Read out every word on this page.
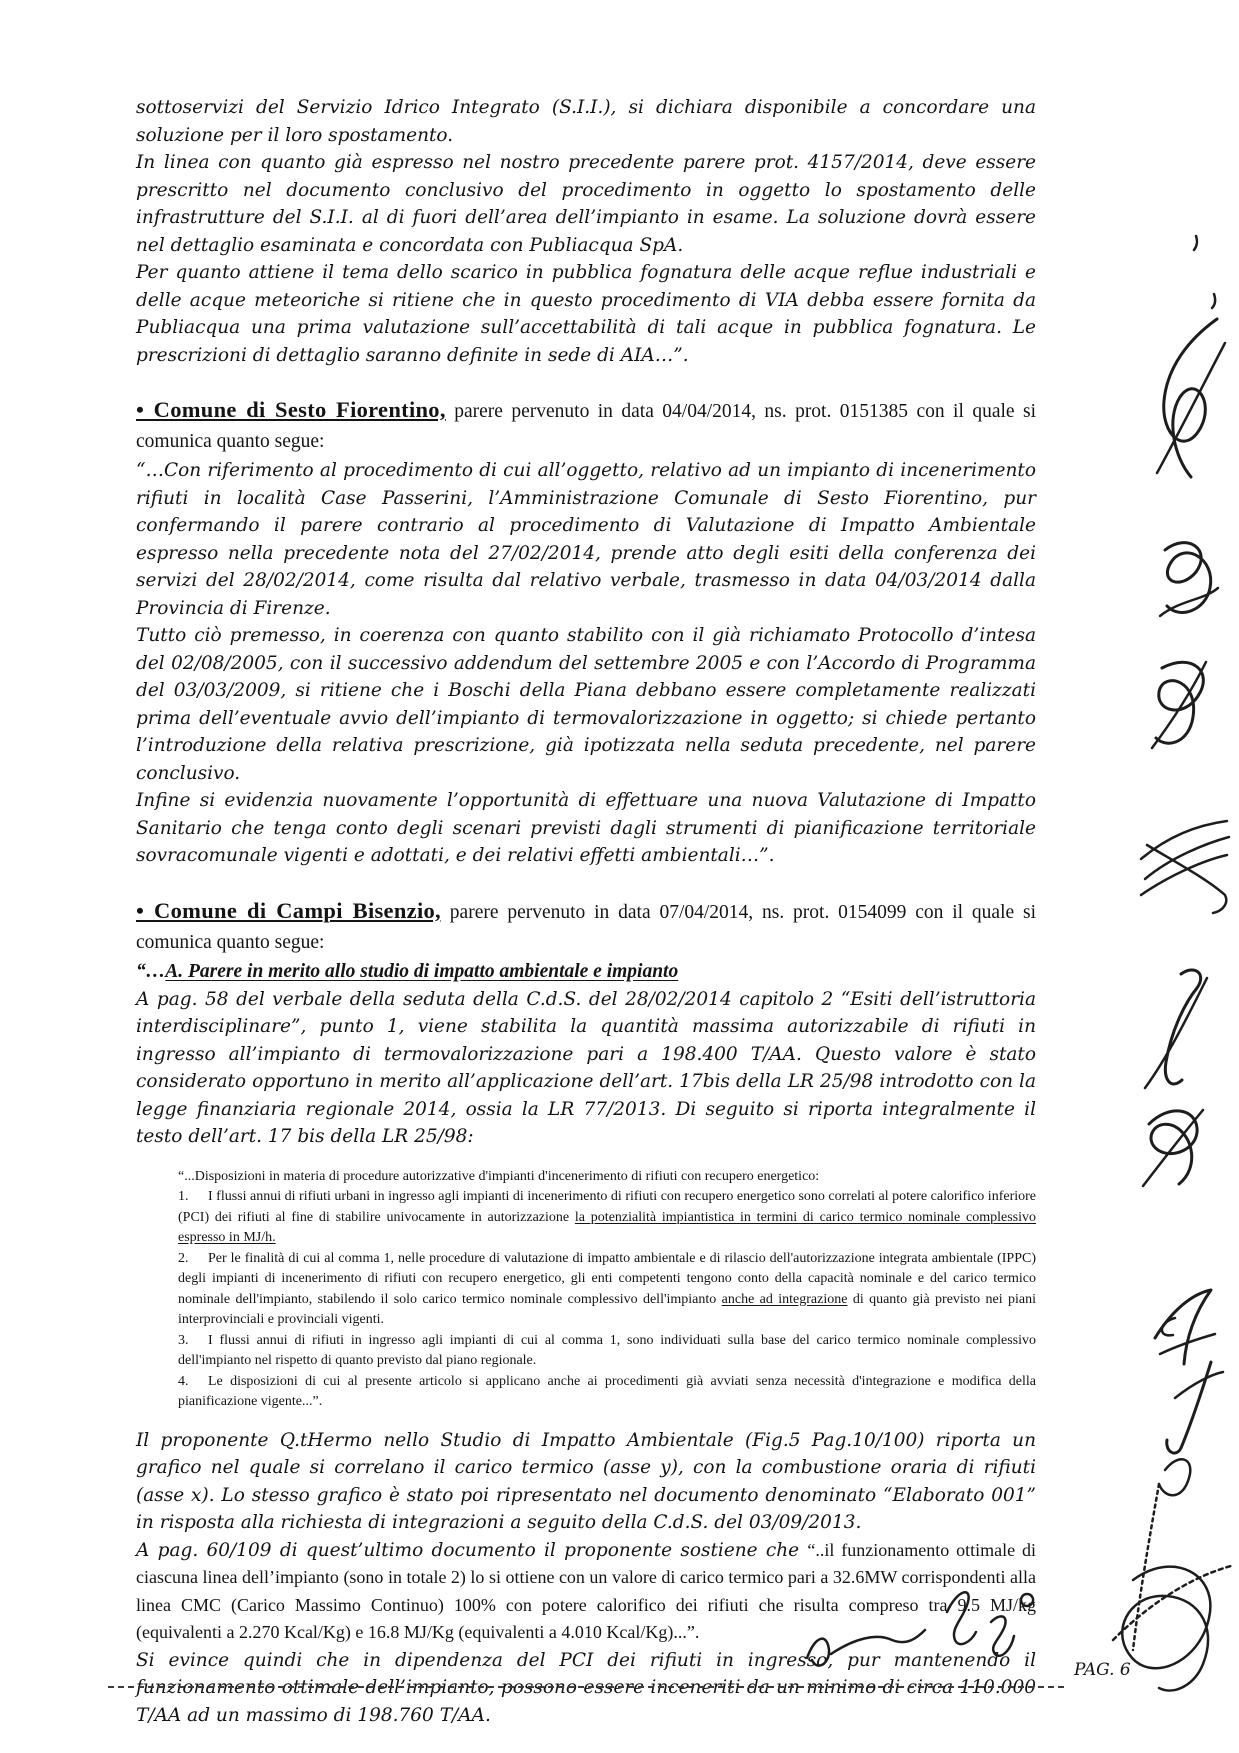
sottoservizi del Servizio Idrico Integrato (S.I.I.), si dichiara disponibile a concordare una soluzione per il loro spostamento.

In linea con quanto già espresso nel nostro precedente parere prot. 4157/2014, deve essere prescritto nel documento conclusivo del procedimento in oggetto lo spostamento delle infrastrutture del S.I.I. al di fuori dell’area dell’impianto in esame. La soluzione dovrà essere nel dettaglio esaminata e concordata con Publiacqua SpA.

Per quanto attiene il tema dello scarico in pubblica fognatura delle acque reflue industriali e delle acque meteoriche si ritiene che in questo procedimento di VIA debba essere fornita da Publiacqua una prima valutazione sull’accettabilità di tali acque in pubblica fognatura. Le prescrizioni di dettaglio saranno definite in sede di AIA…”.

• Comune di Sesto Fiorentino, parere pervenuto in data 04/04/2014, ns. prot. 0151385 con il quale si comunica quanto segue:

“…Con riferimento al procedimento di cui all’oggetto, relativo ad un impianto di incenerimento rifiuti in località Case Passerini, l’Amministrazione Comunale di Sesto Fiorentino, pur confermando il parere contrario al procedimento di Valutazione di Impatto Ambientale espresso nella precedente nota del 27/02/2014, prende atto degli esiti della conferenza dei servizi del 28/02/2014, come risulta dal relativo verbale, trasmesso in data 04/03/2014 dalla Provincia di Firenze.

Tutto ciò premesso, in coerenza con quanto stabilito con il già richiamato Protocollo d’intesa del 02/08/2005, con il successivo addendum del settembre 2005 e con l’Accordo di Programma del 03/03/2009, si ritiene che i Boschi della Piana debbano essere completamente realizzati prima dell’eventuale avvio dell’impianto di termovalorizzazione in oggetto; si chiede pertanto l’introduzione della relativa prescrizione, già ipotizzata nella seduta precedente, nel parere conclusivo.

Infine si evidenzia nuovamente l’opportunità di effettuare una nuova Valutazione di Impatto Sanitario che tenga conto degli scenari previsti dagli strumenti di pianificazione territoriale sovracomunale vigenti e adottati, e dei relativi effetti ambientali…”.

• Comune di Campi Bisenzio, parere pervenuto in data 07/04/2014, ns. prot. 0154099 con il quale si comunica quanto segue:

“…A. Parere in merito allo studio di impatto ambientale e impianto

A pag. 58 del verbale della seduta della C.d.S. del 28/02/2014 capitolo 2 “Esiti dell’istruttoria interdisciplinare”, punto 1, viene stabilita la quantità massima autorizzabile di rifiuti in ingresso all’impianto di termovalorizzazione pari a 198.400 T/AA. Questo valore è stato considerato opportuno in merito all’applicazione dell’art. 17bis della LR 25/98 introdotto con la legge finanziaria regionale 2014, ossia la LR 77/2013. Di seguito si riporta integralmente il testo dell’art. 17 bis della LR 25/98:

“...Disposizioni in materia di procedure autorizzative d'impianti d'incenerimento di rifiuti con recupero energetico:

1. I flussi annui di rifiuti urbani in ingresso agli impianti di incenerimento di rifiuti con recupero energetico sono correlati al potere calorifico inferiore (PCI) dei rifiuti al fine di stabilire univocamente in autorizzazione la potenzialità impiantistica in termini di carico termico nominale complessivo espresso in MJ/h.

2. Per le finalità di cui al comma 1, nelle procedure di valutazione di impatto ambientale e di rilascio dell'autorizzazione integrata ambientale (IPPC) degli impianti di incenerimento di rifiuti con recupero energetico, gli enti competenti tengono conto della capacità nominale e del carico termico nominale dell'impianto, stabilendo il solo carico termico nominale complessivo dell'impianto anche ad integrazione di quanto già previsto nei piani interprovinciali e provinciali vigenti.

3. I flussi annui di rifiuti in ingresso agli impianti di cui al comma 1, sono individuati sulla base del carico termico nominale complessivo dell'impianto nel rispetto di quanto previsto dal piano regionale.

4. Le disposizioni di cui al presente articolo si applicano anche ai procedimenti già avviati senza necessità d'integrazione e modifica della pianificazione vigente...”.

Il proponente Q.tHermo nello Studio di Impatto Ambientale (Fig.5 Pag.10/100) riporta un grafico nel quale si correlano il carico termico (asse y), con la combustione oraria di rifiuti (asse x). Lo stesso grafico è stato poi ripresentato nel documento denominato “Elaborato 001” in risposta alla richiesta di integrazioni a seguito della C.d.S. del 03/09/2013.

A pag. 60/109 di quest’ultimo documento il proponente sostiene che “..il funzionamento ottimale di ciascuna linea dell’impianto (sono in totale 2) lo si ottiene con un valore di carico termico pari a 32.6MW corrispondenti alla linea CMC (Carico Massimo Continuo) 100% con potere calorifico dei rifiuti che risulta compreso tra 9.5 MJ/kg (equivalenti a 2.270 Kcal/Kg) e 16.8 MJ/Kg (equivalenti a 4.010 Kcal/Kg)...”.

Si evince quindi che in dipendenza del PCI dei rifiuti in ingresso, pur mantenendo il funzionamento ottimale dell’impianto, possono essere inceneriti da un minimo di circa 110.000 T/AA ad un massimo di 198.760 T/AA.

PAG. 6
